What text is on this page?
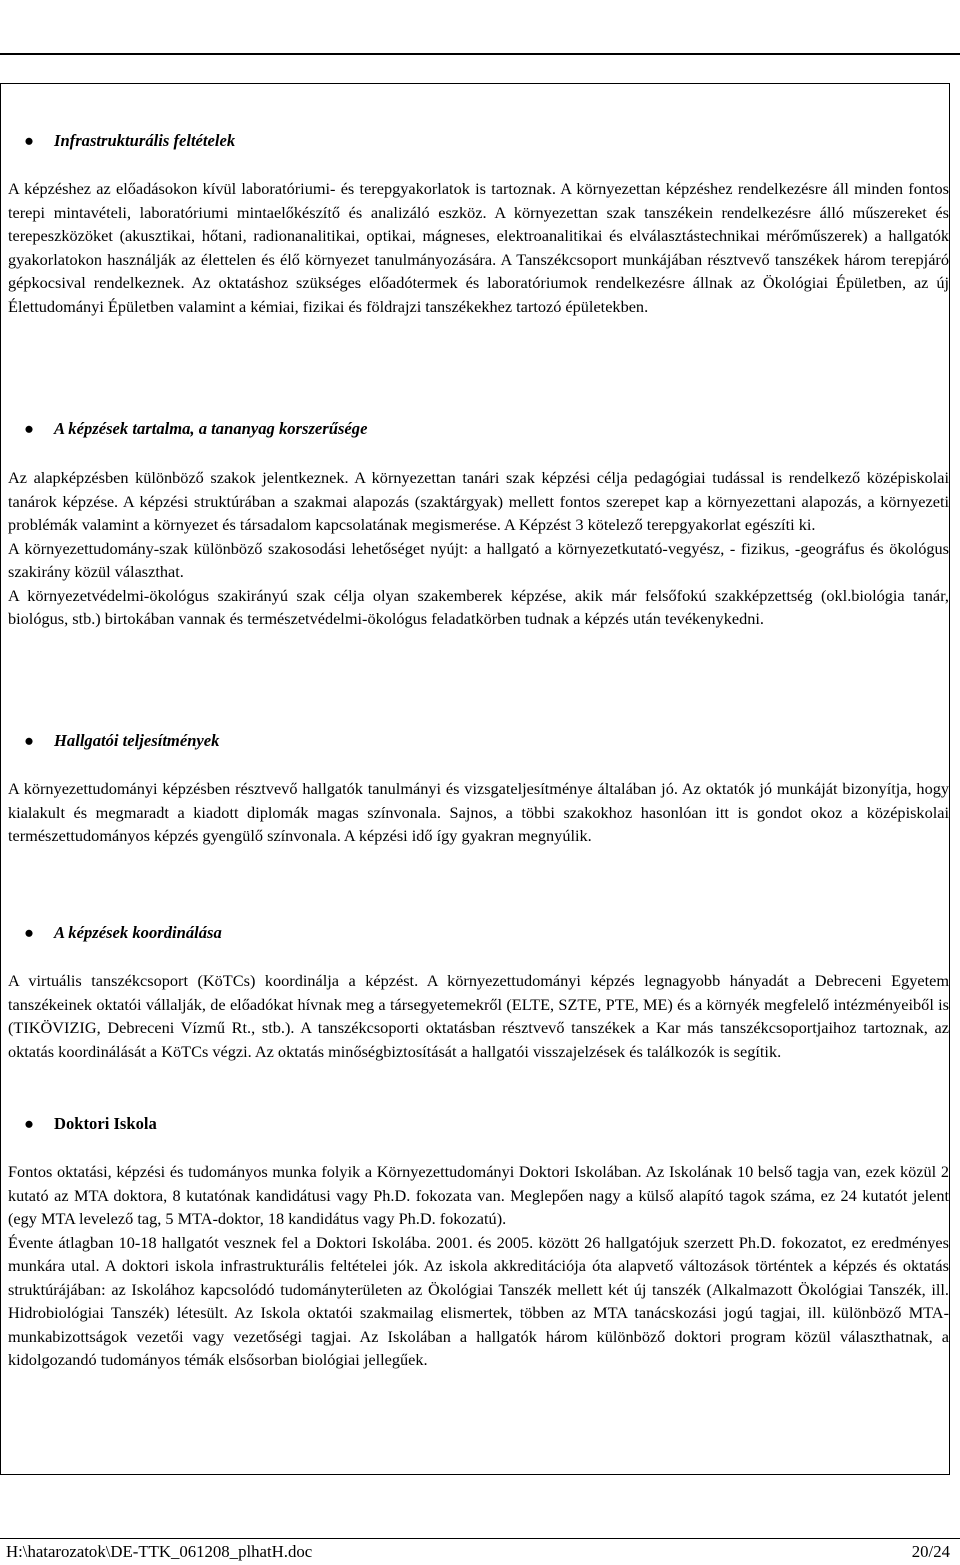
Intézményi akkreditációs jelentés – 2006/9/XI/1. sz. MAB határozat
Debreceni Egyetem Természettudományi Kar
● Infrastrukturális feltételek

A képzéshez az előadásokon kívül laboratóriumi- és terepgyakorlatok is tartoznak. A környezettan képzéshez rendelkezésre áll minden fontos terepi mintavételi, laboratóriumi mintaelőkészítő és analizáló eszköz. A környezettan szak tanszékein rendelkezésre álló műszereket és terepeszközöket (akusztikai, hőtani, radionanalitikai, optikai, mágneses, elektroanalitikai és elválasztástechnikai mérőműszerek) a hallgatók gyakorlatokon használják az élettelen és élő környezet tanulmányozására. A Tanszékcsoport munkájában résztvevő tanszékek három terepjáró gépkocsival rendelkeznek. Az oktatáshoz szükséges előadótermek és laboratóriumok rendelkezésre állnak az Ökológiai Épületben, az új Élettudományi Épületben valamint a kémiai, fizikai és földrajzi tanszékekhez tartozó épületekben.

● A képzések tartalma, a tananyag korszerűsége

Az alapképzésben különböző szakok jelentkeznek. A környezettan tanári szak képzési célja pedagógiai tudással is rendelkező középiskolai tanárok képzése. A képzési struktúrában a szakmai alapozás (szaktárgyak) mellett fontos szerepet kap a környezettani alapozás, a környezeti problémák valamint a környezet és társadalom kapcsolatának megismerése. A Képzést 3 kötelező terepgyakorlat egészíti ki.

A környezettudomány-szak különböző szakosodási lehetőséget nyújt: a hallgató a környezetkutató-vegyész, - fizikus, -geográfus és ökológus szakirány közül választhat.

A környezetvédelmi-ökológus szakirányú szak célja olyan szakemberek képzése, akik már felsőfokú szakképzettség (okl.biológia tanár, biológus, stb.) birtokában vannak és természetvédelmi-ökológus feladatkörben tudnak a képzés után tevékenykedni.

● Hallgatói teljesítmények

A környezettudományi képzésben résztvevő hallgatók tanulmányi és vizsgateljesítménye általában jó. Az oktatók jó munkáját bizonyítja, hogy kialakult és megmaradt a kiadott diplomák magas színvonala. Sajnos, a többi szakokhoz hasonlóan itt is gondot okoz a középiskolai természettudományos képzés gyengülő színvonala. A képzési idő így gyakran megnyúlik.

● A képzések koordinálása

A virtuális tanszékcsoport (KöTCs) koordinálja a képzést. A környezettudományi képzés legnagyobb hányadát a Debreceni Egyetem tanszékeinek oktatói vállalják, de előadókat hívnak meg a társegyetemekről (ELTE, SZTE, PTE, ME) és a környék megfelelő intézményeiből is (TIKÖVIZIG, Debreceni Vízmű Rt., stb.). A tanszékcsoporti oktatásban résztvevő tanszékek a Kar más tanszékcsoportjaihoz tartoznak, az oktatás koordinálását a KöTCs végzi. Az oktatás minőségbiztosítását a hallgatói visszajelzések és találkozók is segítik.

● Doktori Iskola

Fontos oktatási, képzési és tudományos munka folyik a Környezettudományi Doktori Iskolában. Az Iskolának 10 belső tagja van, ezek közül 2 kutató az MTA doktora, 8 kutatónak kandidátusi vagy Ph.D. fokozata van. Meglepően nagy a külső alapító tagok száma, ez 24 kutatót jelent (egy MTA levelező tag, 5 MTA-doktor, 18 kandidátus vagy Ph.D. fokozatú).

Évente átlagban 10-18 hallgatót vesznek fel a Doktori Iskolába. 2001. és 2005. között 26 hallgatójuk szerzett Ph.D. fokozatot, ez eredményes munkára utal. A doktori iskola infrastrukturális feltételei jók. Az iskola akkreditációja óta alapvető változások történtek a képzés és oktatás struktúrájában: az Iskolához kapcsolódó tudományterületen az Ökológiai Tanszék mellett két új tanszék (Alkalmazott Ökológiai Tanszék, ill. Hidrobiológiai Tanszék) létesült. Az Iskola oktatói szakmailag elismertek, többen az MTA tanácskozási jogú tagjai, ill. különböző MTA-munkabizottságok vezetői vagy vezetőségi tagjai. Az Iskolában a hallgatók három különböző doktori program közül választhatnak, a kidolgozandó tudományos témák elsősorban biológiai jellegűek.

H:\hatarozatok\DE-TTK_061208_plhatH.doc	20/24
